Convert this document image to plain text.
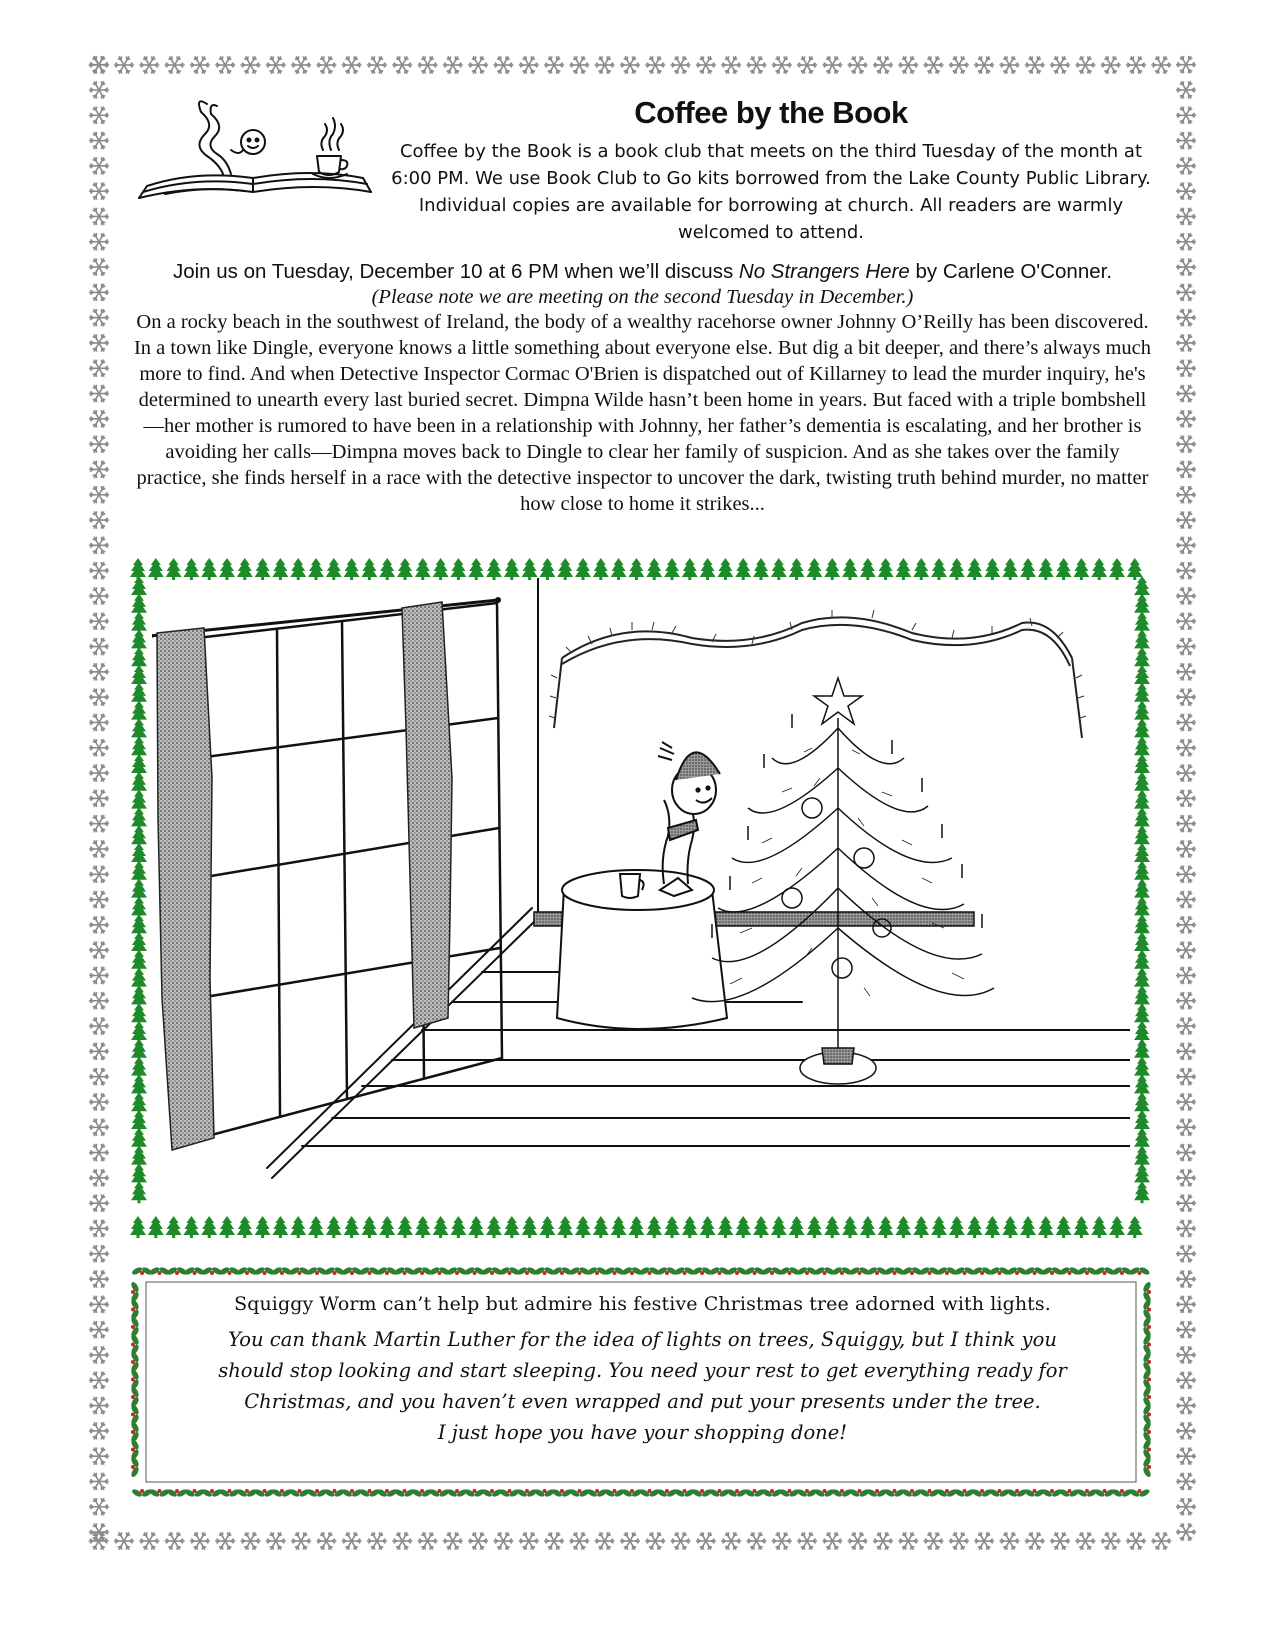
Coffee by the Book
Coffee by the Book is a book club that meets on the third Tuesday of the month at 6:00 PM. We use Book Club to Go kits borrowed from the Lake County Public Library. Individual copies are available for borrowing at church. All readers are warmly welcomed to attend.
Join us on Tuesday, December 10 at 6 PM when we’ll discuss No Strangers Here by Carlene O'Conner.
(Please note we are meeting on the second Tuesday in December.)
On a rocky beach in the southwest of Ireland, the body of a wealthy racehorse owner Johnny O’Reilly has been discovered. In a town like Dingle, everyone knows a little something about everyone else. But dig a bit deeper, and there’s always much more to find. And when Detective Inspector Cormac O'Brien is dispatched out of Killarney to lead the murder inquiry, he's determined to unearth every last buried secret. Dimpna Wilde hasn’t been home in years. But faced with a triple bombshell—her mother is rumored to have been in a relationship with Johnny, her father’s dementia is escalating, and her brother is avoiding her calls—Dimpna moves back to Dingle to clear her family of suspicion. And as she takes over the family practice, she finds herself in a race with the detective inspector to uncover the dark, twisting truth behind murder, no matter how close to home it strikes...

Squiggy Worm can’t help but admire his festive Christmas tree adorned with lights.

You can thank Martin Luther for the idea of lights on trees, Squiggy, but I think you
should stop looking and start sleeping. You need your rest to get everything ready for
Christmas, and you haven’t even wrapped and put your presents under the tree.
I just hope you have your shopping done!
